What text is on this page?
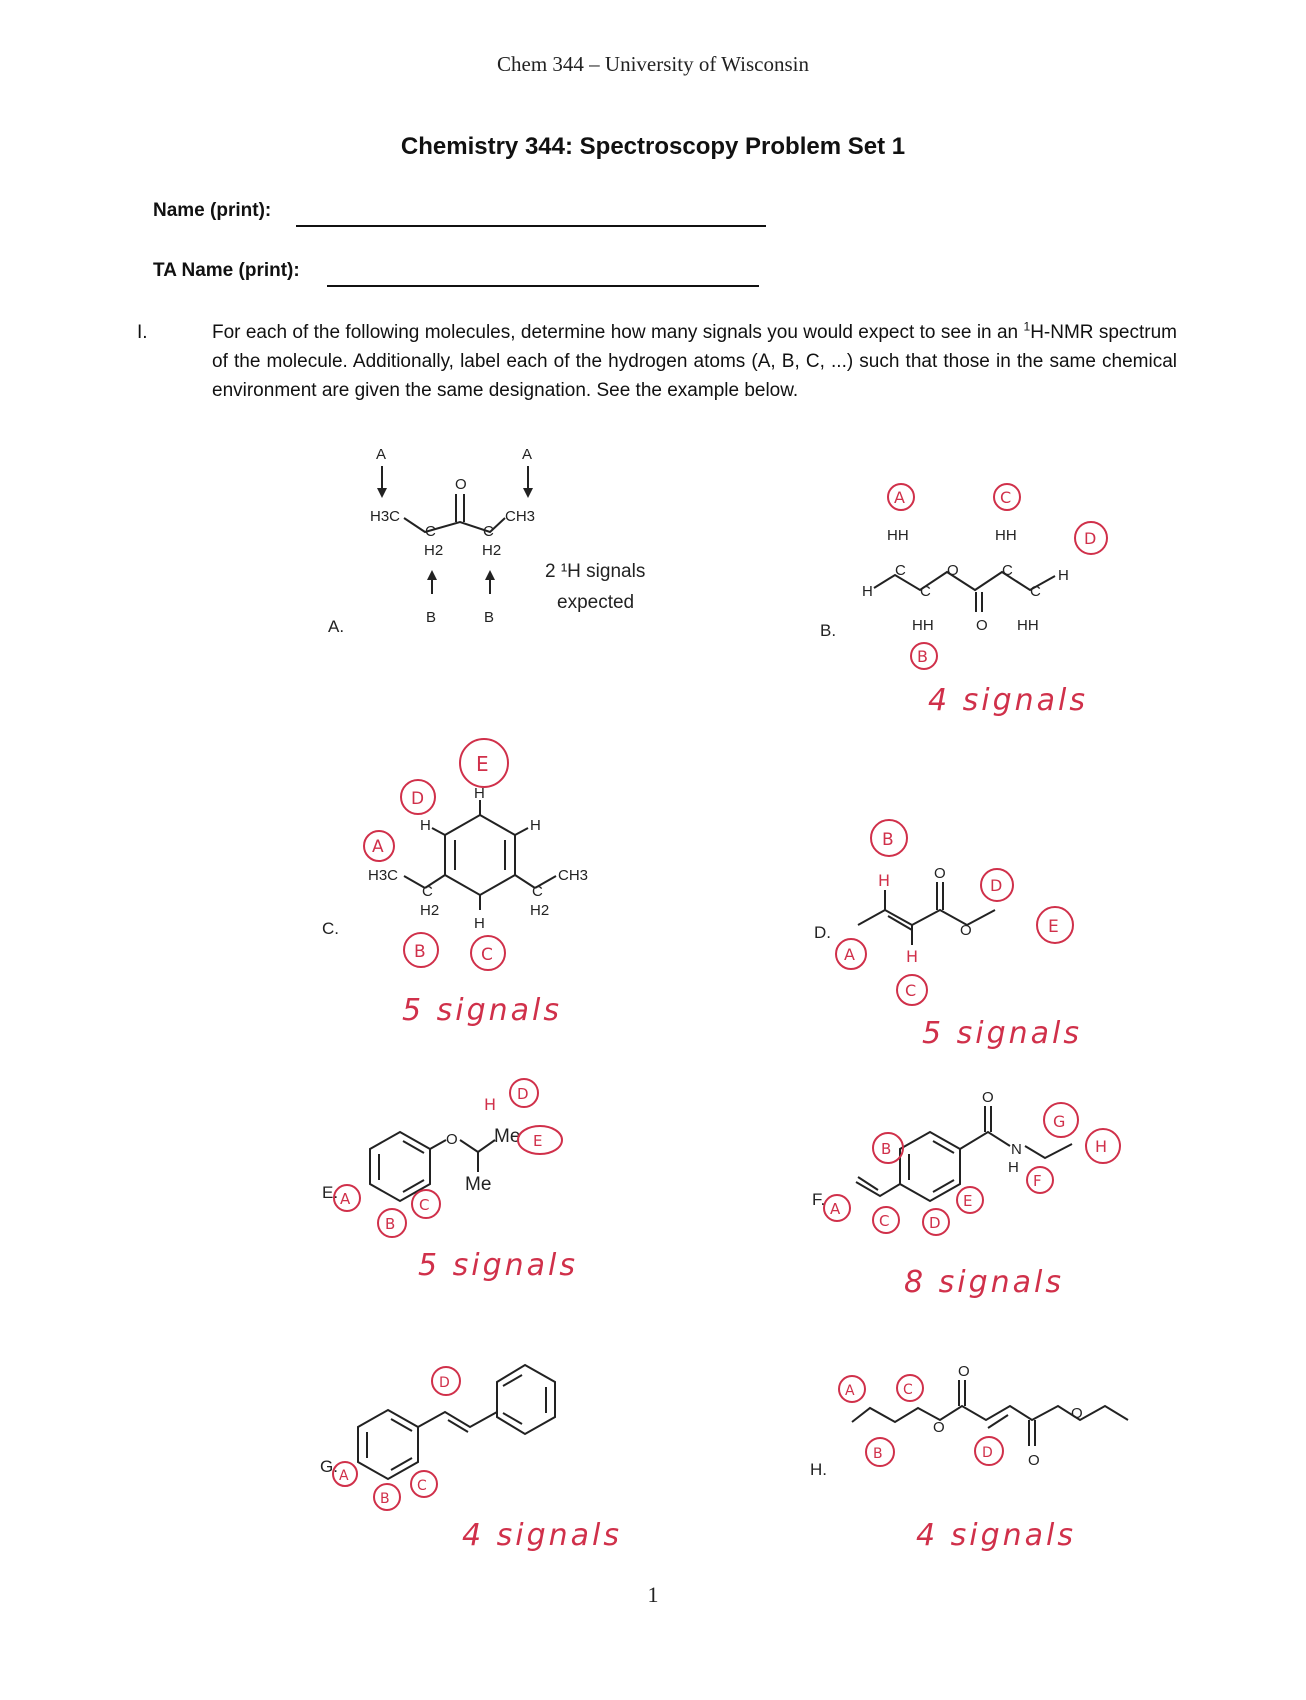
Chem 344 – University of Wisconsin
Chemistry 344: Spectroscopy Problem Set 1
Name (print):
TA Name (print):
I.	For each of the following molecules, determine how many signals you would expect to see in an $^1$H-NMR spectrum of the molecule. Additionally, label each of the hydrogen atoms (A, B, C, ...) such that those in the same chemical environment are given the same designation. See the example below.
A.
A	A
O
H3C	CH3
C	C
H2	H2
B	B
2 ¹H signals
expected
B.
HH	HH
H
C
C
O	C
C
H
HH	O HH
A	C
D
B
4 signals
C.
H
H	H
H3C
C
H2
H
C
CH3
H2
A
B	C
D
E
5 signals
D.
H	O
H
O
A
B
C
D
E
5 signals
E.
O
H
Me
Me
A
B
C
D
E
5 signals
F.
O
N
H
B
A
C	D
E
F
G
H
8 signals
G. A
B
C
D
4 signals
H.
O
O
O
O
A
B
C
D
4 signals
1
